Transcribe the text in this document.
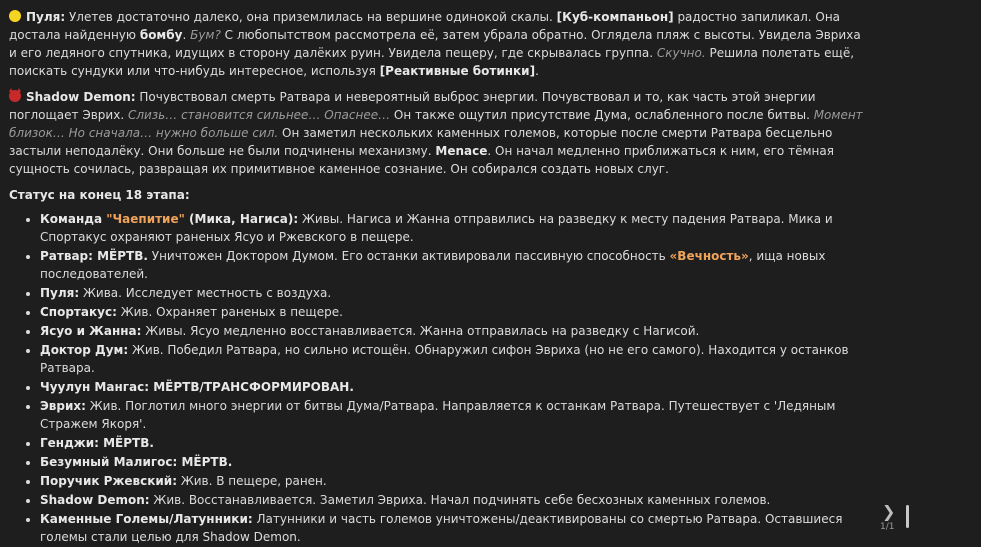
Пуля: Улетев достаточно далеко, она приземлилась на вершине одинокой скалы. [Куб-компаньон] радостно запиликал. Она достала найденную бомбу. Бум? С любопытством рассмотрела её, затем убрала обратно. Оглядела пляж с высоты. Увидела Эвриха и его ледяного спутника, идущих в сторону далёких руин. Увидела пещеру, где скрывалась группа. Скучно. Решила полетать ещё, поискать сундуки или что-нибудь интересное, используя [Реактивные ботинки].

Shadow Demon: Почувствовал смерть Ратвара и невероятный выброс энергии. Почувствовал и то, как часть этой энергии поглощает Эврих. Слизь… становится сильнее… Опаснее… Он также ощутил присутствие Дума, ослабленного после битвы. Момент близок… Но сначала… нужно больше сил. Он заметил нескольких каменных големов, которые после смерти Ратвара бесцельно застыли неподалёку. Они больше не были подчинены механизму. Menace. Он начал медленно приближаться к ним, его тёмная сущность сочилась, развращая их примитивное каменное сознание. Он собирался создать новых слуг.

Статус на конец 18 этапа:

• Команда "Чаепитие" (Мика, Нагиса): Живы. Нагиса и Жанна отправились на разведку к месту падения Ратвара. Мика и Спортакус охраняют раненых Ясуо и Ржевского в пещере.
• Ратвар: МЁРТВ. Уничтожен Доктором Думом. Его останки активировали пассивную способность «Вечность», ища новых последователей.
• Пуля: Жива. Исследует местность с воздуха.
• Спортакус: Жив. Охраняет раненых в пещере.
• Ясуо и Жанна: Живы. Ясуо медленно восстанавливается. Жанна отправилась на разведку с Нагисой.
• Доктор Дум: Жив. Победил Ратвара, но сильно истощён. Обнаружил сифон Эвриха (но не его самого). Находится у останков Ратвара.
• Чуулун Мангас: МЁРТВ/ТРАНСФОРМИРОВАН.
• Эврих: Жив. Поглотил много энергии от битвы Дума/Ратвара. Направляется к останкам Ратвара. Путешествует с 'Ледяным Стражем Якоря'.
• Генджи: МЁРТВ.
• Безумный Малигос: МЁРТВ.
• Поручик Ржевский: Жив. В пещере, ранен.
• Shadow Demon: Жив. Восстанавливается. Заметил Эвриха. Начал подчинять себе бесхозных каменных големов.
• Каменные Големы/Латунники: Латунники и часть големов уничтожены/деактивированы со смертью Ратвара. Оставшиеся големы стали целью для Shadow Demon.
❯
1/1
